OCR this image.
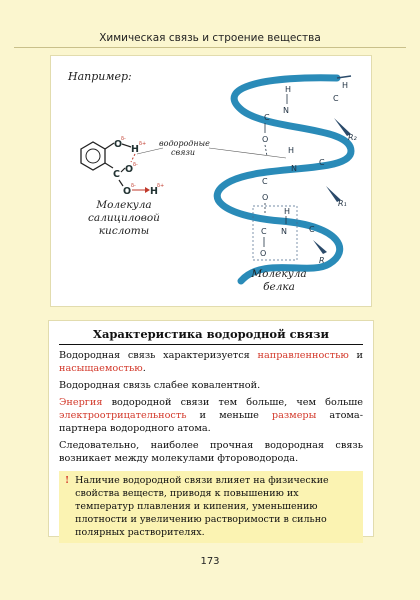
Химическая связь и строение вещества
O H
O
C
O H
δ-
δ+
δ-
δ-	δ+
H
N
C
C
O
H
N
C
C
O
H
N	C
C
O
H
R
R₁
R₂
Например:
водородные связи
Молекула салициловой кислоты
Молекула белка
Характеристика водородной связи

Водородная связь характеризуется направленностью и насыщаемостью.

Водородная связь слабее ковалентной.

Энергия водородной связи тем больше, чем больше электроотрицательность и меньше размеры атома-партнера водородного атома.

Следовательно, наиболее прочная водородная связь возникает между молекулами фтороводорода.

! Наличие водородной связи влияет на физические свойства веществ, приводя к повышению их температур плавления и кипения, уменьшению плотности и увеличению растворимости в сильно полярных растворителях.
173
